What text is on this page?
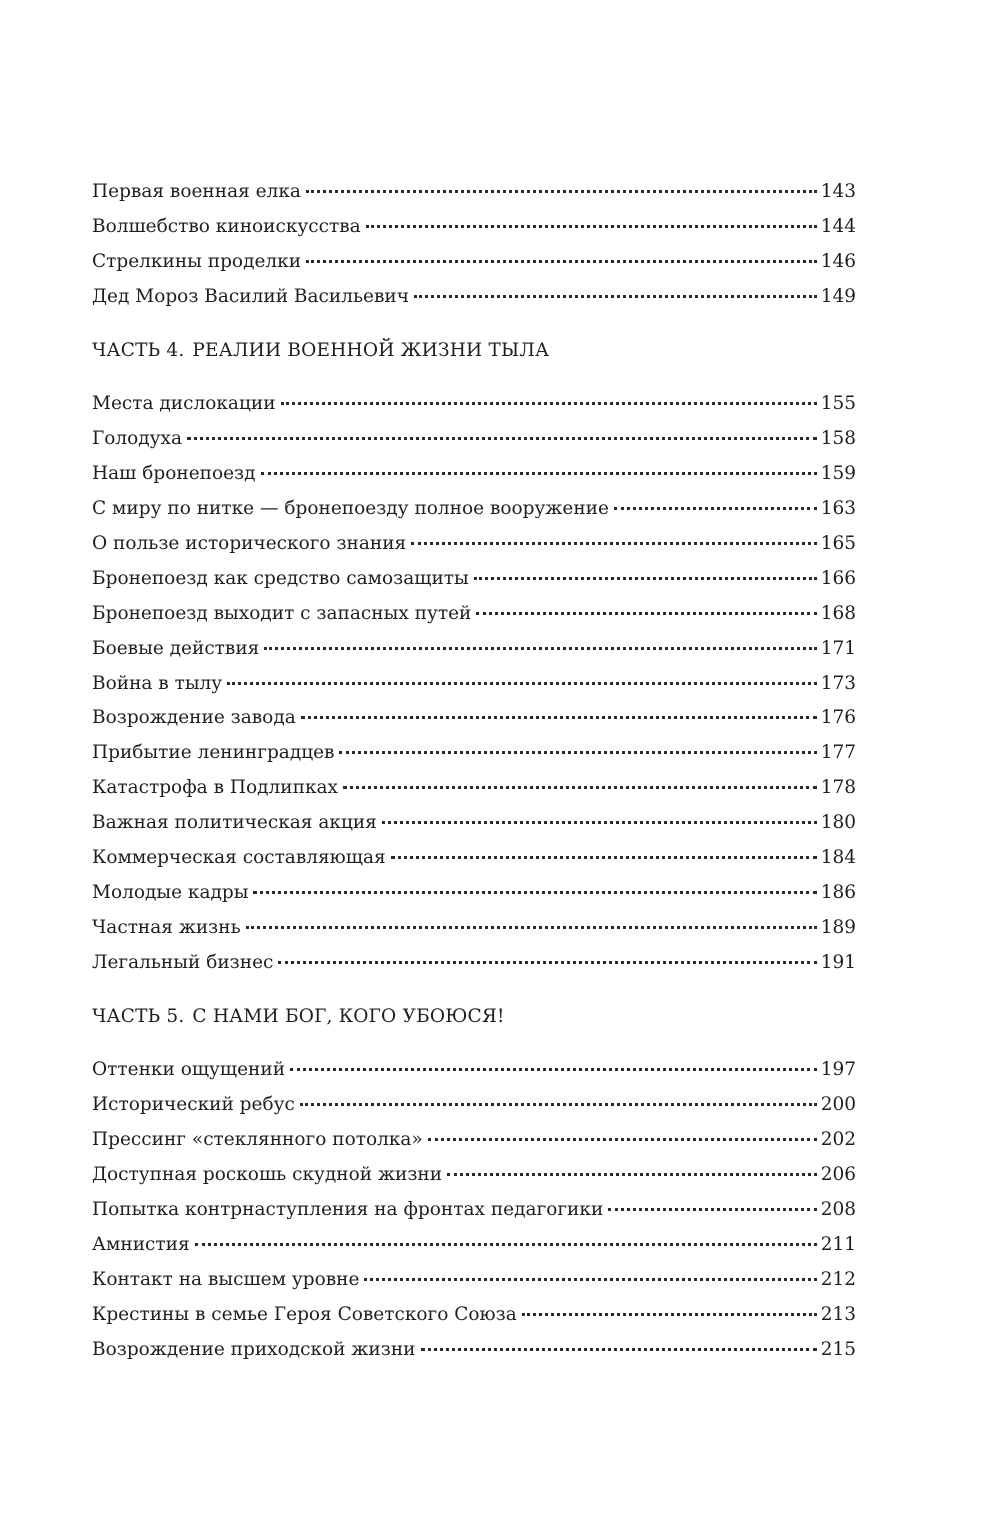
Первая военная елка	143
Волшебство киноискусства	144
Стрелкины проделки	146
Дед Мороз Василий Васильевич	149
ЧАСТЬ 4. РЕАЛИИ ВОЕННОЙ ЖИЗНИ ТЫЛА
Места дислокации	155
Голодуха	158
Наш бронепоезд	159
С миру по нитке — бронепоезду полное вооружение	163
О пользе исторического знания	165
Бронепоезд как средство самозащиты	166
Бронепоезд выходит с запасных путей	168
Боевые действия	171
Война в тылу	173
Возрождение завода	176
Прибытие ленинградцев	177
Катастрофа в Подлипках	178
Важная политическая акция	180
Коммерческая составляющая	184
Молодые кадры	186
Частная жизнь	189
Легальный бизнес	191
ЧАСТЬ 5. С НАМИ БОГ, КОГО УБОЮСЯ!
Оттенки ощущений	197
Исторический ребус	200
Прессинг «стеклянного потолка»	202
Доступная роскошь скудной жизни	206
Попытка контрнаступления на фронтах педагогики	208
Амнистия	211
Контакт на высшем уровне	212
Крестины в семье Героя Советского Союза	213
Возрождение приходской жизни	215
